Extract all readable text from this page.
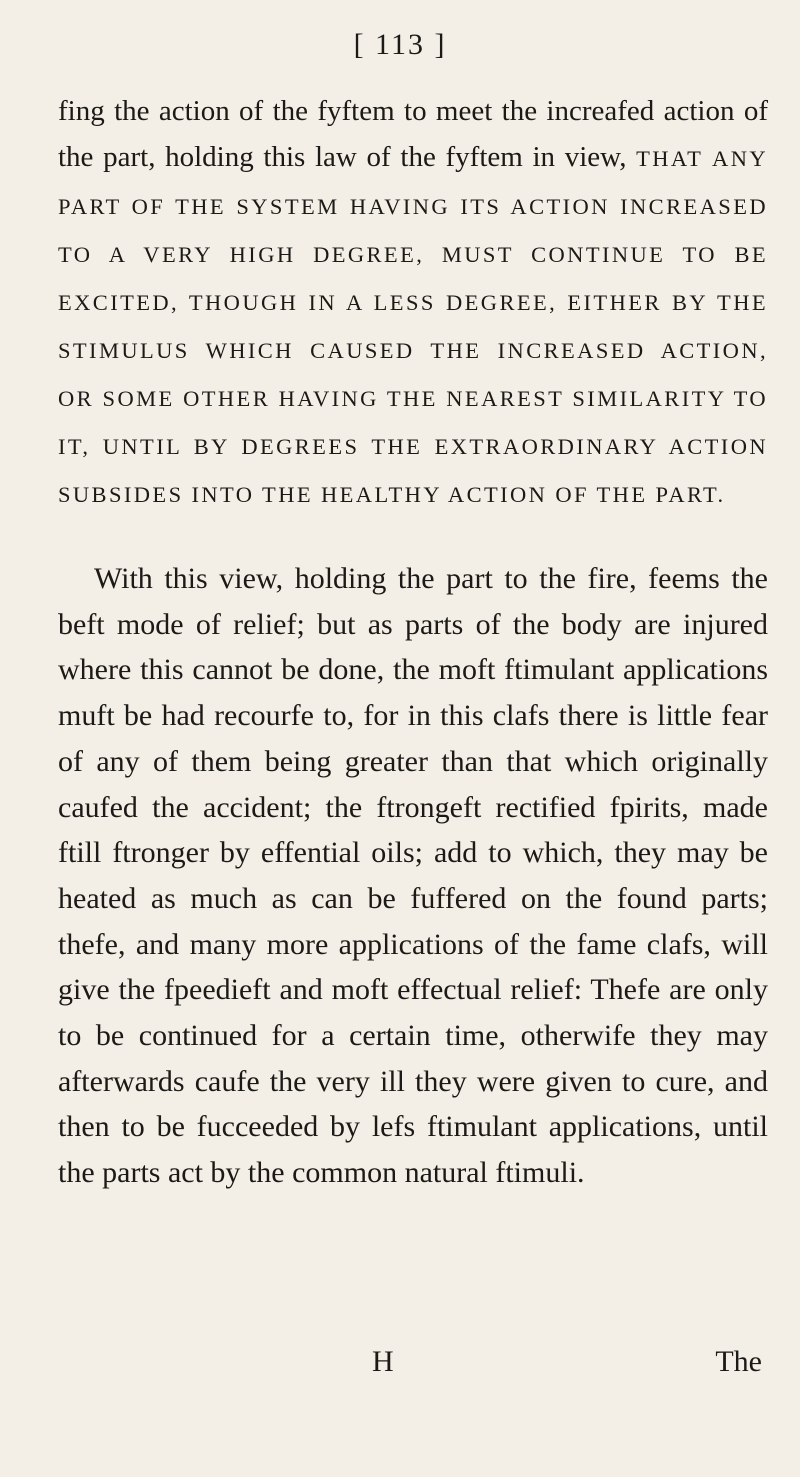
[ 113 ]
fing the action of the fyftem to meet the increafed action of the part, holding this law of the fyftem in view, THAT ANY PART OF THE SYSTEM HAVING ITS ACTION INCREASED TO A VERY HIGH DEGREE, MUST CONTINUE TO BE EXCITED, THOUGH IN A LESS DEGREE, EITHER BY THE STIMULUS WHICH CAUSED THE INCREASED ACTION, OR SOME OTHER HAVING THE NEAREST SIMILARITY TO IT, UNTIL BY DEGREES THE EXTRAORDINARY ACTION SUBSIDES INTO THE HEALTHY ACTION OF THE PART.
With this view, holding the part to the fire, feems the beft mode of relief; but as parts of the body are injured where this cannot be done, the moft ftimulant applications muft be had recourfe to, for in this clafs there is little fear of any of them being greater than that which originally caufed the accident; the ftrongeft rectified fpirits, made ftill ftronger by effential oils; add to which, they may be heated as much as can be fuffered on the found parts; thefe, and many more applications of the fame clafs, will give the fpeedieft and moft effectual relief: Thefe are only to be continued for a certain time, otherwife they may afterwards caufe the very ill they were given to cure, and then to be fucceeded by lefs ftimulant applications, until the parts act by the common natural ftimuli.
H	The
